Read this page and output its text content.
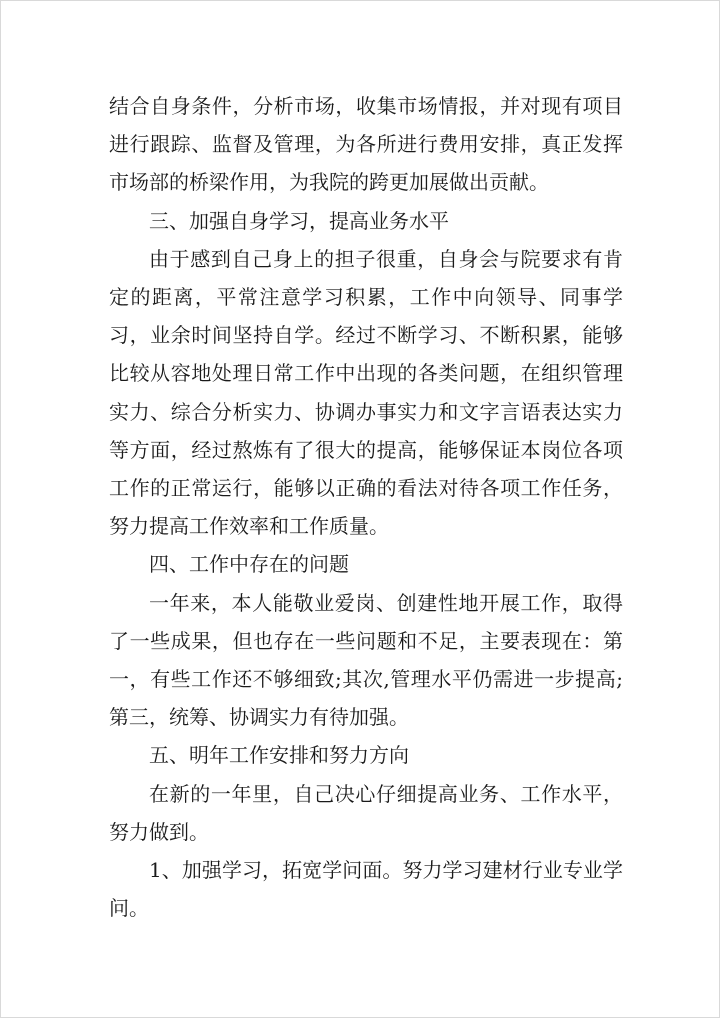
结合自身条件，分析市场，收集市场情报，并对现有项目进行跟踪、监督及管理，为各所进行费用安排，真正发挥市场部的桥梁作用，为我院的跨更加展做出贡献。

三、加强自身学习，提高业务水平

由于感到自己身上的担子很重，自身会与院要求有肯定的距离，平常注意学习积累，工作中向领导、同事学习，业余时间坚持自学。经过不断学习、不断积累，能够比较从容地处理日常工作中出现的各类问题，在组织管理实力、综合分析实力、协调办事实力和文字言语表达实力等方面，经过熬炼有了很大的提高，能够保证本岗位各项工作的正常运行，能够以正确的看法对待各项工作任务，努力提高工作效率和工作质量。

四、工作中存在的问题

一年来，本人能敬业爱岗、创建性地开展工作，取得了一些成果，但也存在一些问题和不足，主要表现在：第一，有些工作还不够细致;其次,管理水平仍需进一步提高;第三，统筹、协调实力有待加强。

五、明年工作安排和努力方向

在新的一年里，自己决心仔细提高业务、工作水平，努力做到。

1、加强学习，拓宽学问面。努力学习建材行业专业学问。
